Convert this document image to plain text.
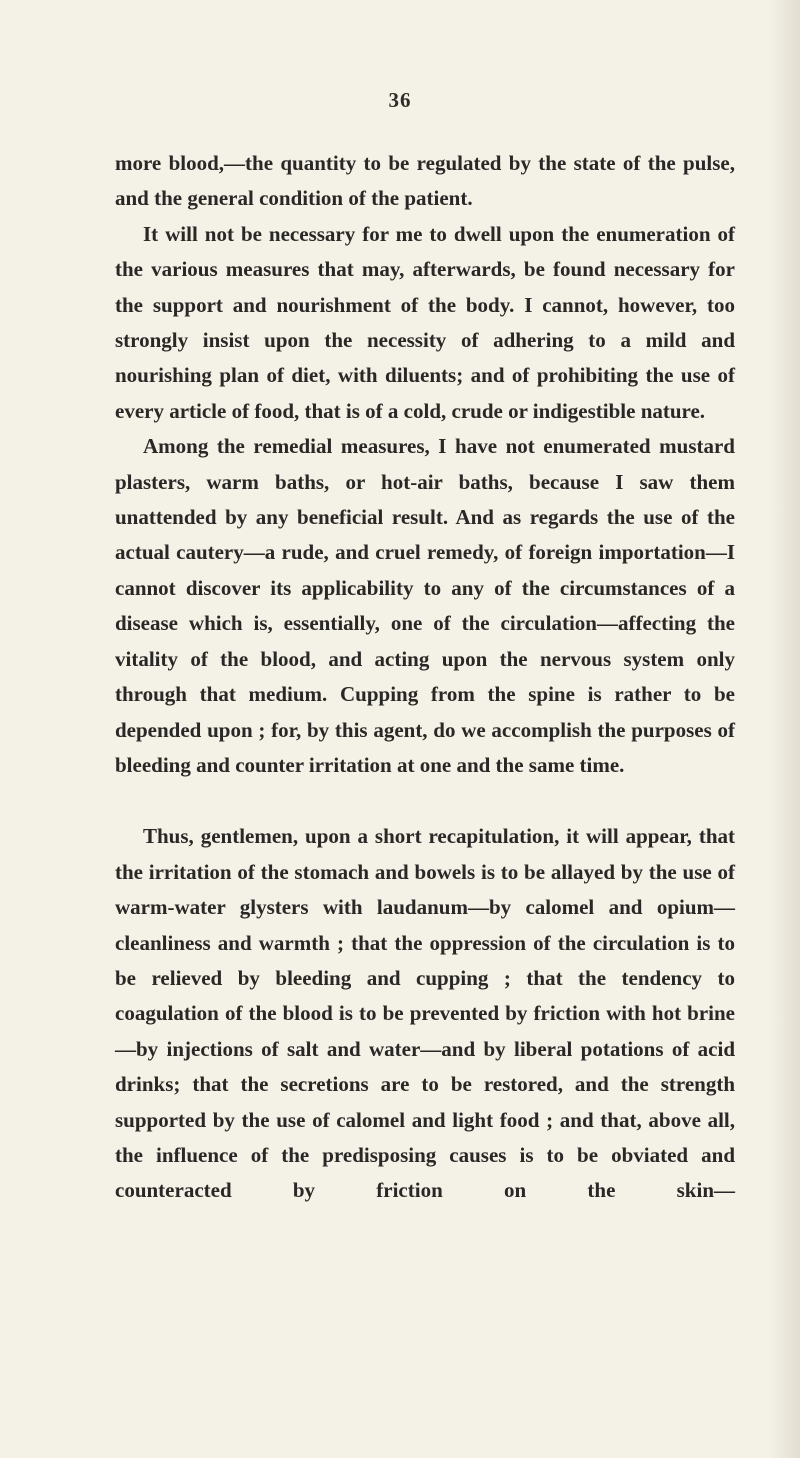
36

more blood,—the quantity to be regulated by the state of the pulse, and the general condition of the patient.

It will not be necessary for me to dwell upon the enumeration of the various measures that may, afterwards, be found necessary for the support and nourishment of the body. I cannot, however, too strongly insist upon the necessity of adhering to a mild and nourishing plan of diet, with diluents; and of prohibiting the use of every article of food, that is of a cold, crude or indigestible nature.

Among the remedial measures, I have not enumerated mustard plasters, warm baths, or hot-air baths, because I saw them unattended by any beneficial result. And as regards the use of the actual cautery—a rude, and cruel remedy, of foreign importation—I cannot discover its applicability to any of the circumstances of a disease which is, essentially, one of the circulation—affecting the vitality of the blood, and acting upon the nervous system only through that medium. Cupping from the spine is rather to be depended upon ; for, by this agent, do we accomplish the purposes of bleeding and counter irritation at one and the same time.

Thus, gentlemen, upon a short recapitulation, it will appear, that the irritation of the stomach and bowels is to be allayed by the use of warm-water glysters with laudanum—by calomel and opium—cleanliness and warmth ; that the oppression of the circulation is to be relieved by bleeding and cupping ; that the tendency to coagulation of the blood is to be prevented by friction with hot brine—by injections of salt and water—and by liberal potations of acid drinks; that the secretions are to be restored, and the strength supported by the use of calomel and light food ; and that, above all, the influence of the predisposing causes is to be obviated and counteracted by friction on the skin—
